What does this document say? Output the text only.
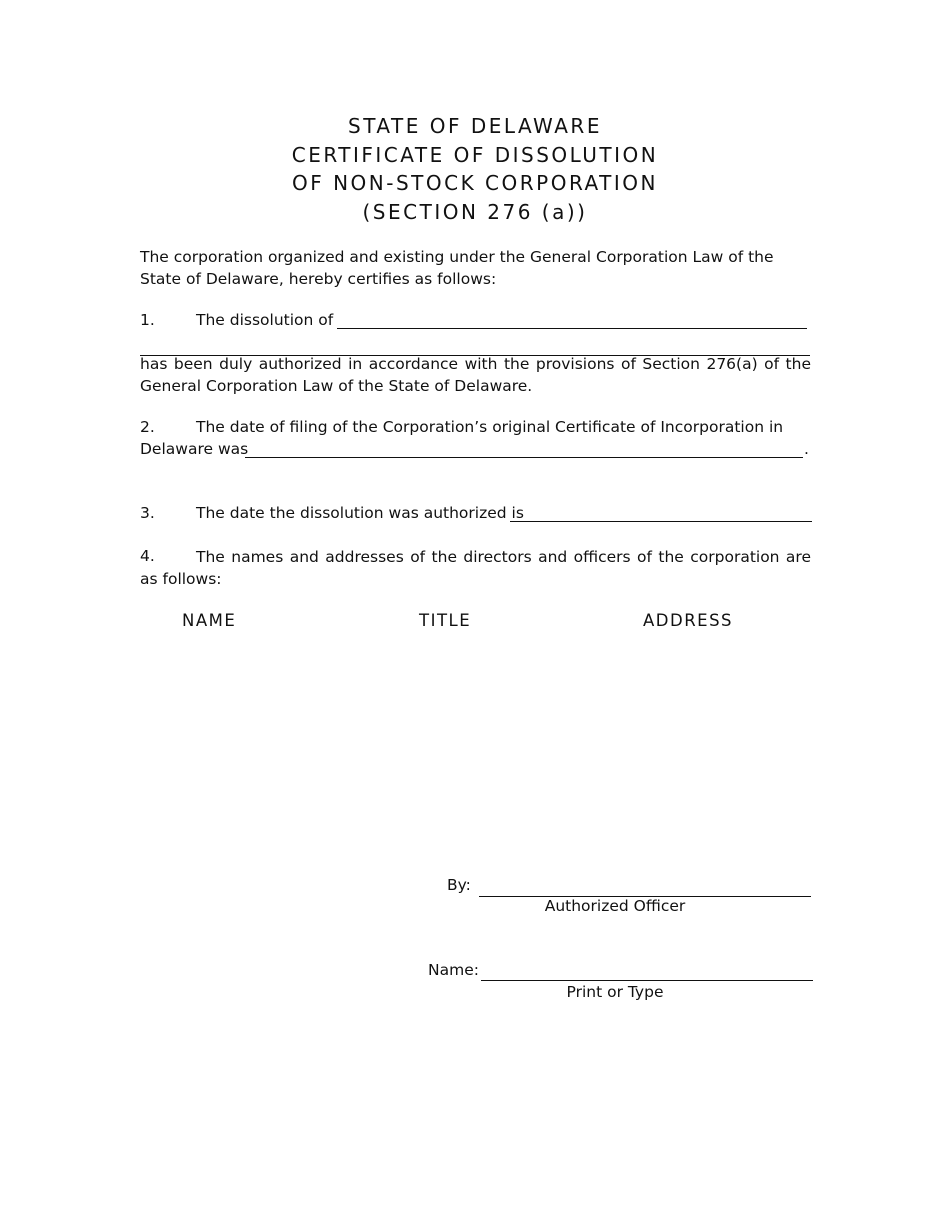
STATE OF DELAWARE
CERTIFICATE OF DISSOLUTION
OF NON-STOCK CORPORATION
(SECTION 276 (a))
The corporation organized and existing under the General Corporation Law of the State of Delaware, hereby certifies as follows:
1.	The dissolution of
has been duly authorized in accordance with the provisions of Section 276(a) of the General Corporation Law of the State of Delaware.
2.	The date of filing of the Corporation’s original Certificate of Incorporation in
Delaware was	.
3.	The date the dissolution was authorized is
4.	The names and addresses of the directors and officers of the corporation are as follows:
NAME	TITLE	ADDRESS
By:
Authorized Officer
Name:
Print or Type
